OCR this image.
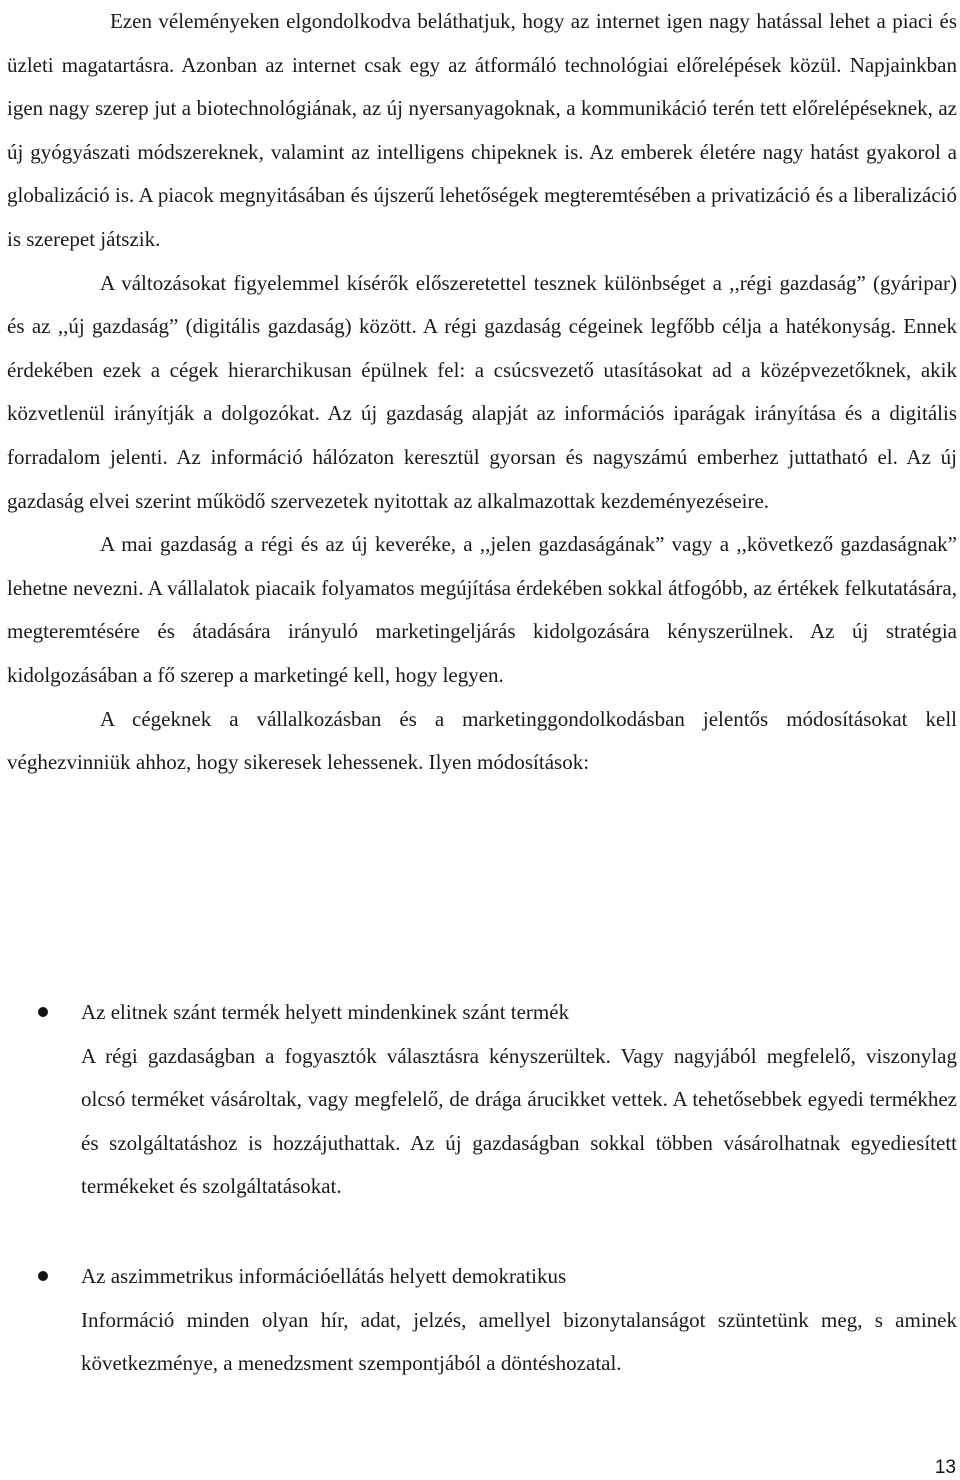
Ezen véleményeken elgondolkodva beláthatjuk, hogy az internet igen nagy hatással lehet a piaci és üzleti magatartásra. Azonban az internet csak egy az átformáló technológiai előrelépések közül. Napjainkban igen nagy szerep jut a biotechnológiának, az új nyersanyagoknak, a kommunikáció terén tett előrelépéseknek, az új gyógyászati módszereknek, valamint az intelligens chipeknek is. Az emberek életére nagy hatást gyakorol a globalizáció is. A piacok megnyitásában és újszerű lehetőségek megteremtésében a privatizáció és a liberalizáció is szerepet játszik.

A változásokat figyelemmel kísérők előszeretettel tesznek különbséget a ,,régi gazdaság” (gyáripar) és az ,,új gazdaság” (digitális gazdaság) között. A régi gazdaság cégeinek legfőbb célja a hatékonyság. Ennek érdekében ezek a cégek hierarchikusan épülnek fel: a csúcsvezető utasításokat ad a középvezetőknek, akik közvetlenül irányítják a dolgozókat. Az új gazdaság alapját az információs iparágak irányítása és a digitális forradalom jelenti. Az információ hálózaton keresztül gyorsan és nagyszámú emberhez juttatható el. Az új gazdaság elvei szerint működő szervezetek nyitottak az alkalmazottak kezdeményezéseire.

A mai gazdaság a régi és az új keveréke, a ,,jelen gazdaságának” vagy a ,,következő gazdaságnak” lehetne nevezni. A vállalatok piacaik folyamatos megújítása érdekében sokkal átfogóbb, az értékek felkutatására, megteremtésére és átadására irányuló marketingeljárás kidolgozására kényszerülnek. Az új stratégia kidolgozásában a fő szerep a marketingé kell, hogy legyen.

A cégeknek a vállalkozásban és a marketinggondolkodásban jelentős módosításokat kell véghezvinniük ahhoz, hogy sikeresek lehessenek. Ilyen módosítások:

Az elitnek szánt termék helyett mindenkinek szánt termék

A régi gazdaságban a fogyasztók választásra kényszerültek. Vagy nagyjából megfelelő, viszonylag olcsó terméket vásároltak, vagy megfelelő, de drága árucikket vettek. A tehetősebbek egyedi termékhez és szolgáltatáshoz is hozzájuthattak. Az új gazdaságban sokkal többen vásárolhatnak egyediesített termékeket és szolgáltatásokat.

Az aszimmetrikus információellátás helyett demokratikus

Információ minden olyan hír, adat, jelzés, amellyel bizonytalanságot szüntetünk meg, s aminek következménye, a menedzsment szempontjából a döntéshozatal.

13
